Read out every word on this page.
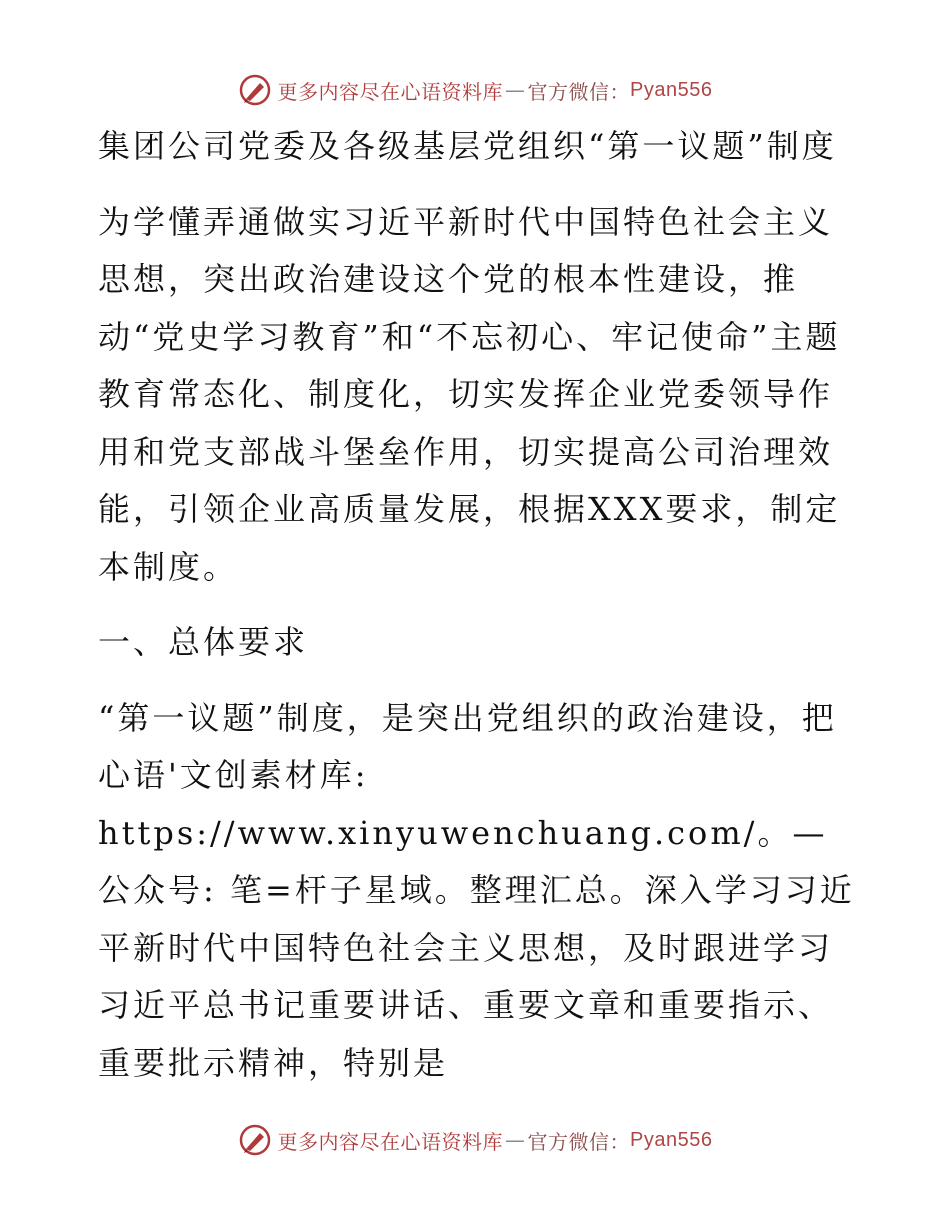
更多内容尽在心语资料库 — 官方微信： Pyan556

集团公司党委及各级基层党组织“第一议题”制度

为学懂弄通做实习近平新时代中国特色社会主义思想，突出政治建设这个党的根本性建设，推动“党史学习教育”和“不忘初心、牢记使命”主题教育常态化、制度化，切实发挥企业党委领导作用和党支部战斗堡垒作用，切实提高公司治理效能，引领企业高质量发展，根据XXX要求，制定本制度。

一、总体要求

“第一议题”制度，是突出党组织的政治建设，把心语'文创素材库: https://www.xinyuwenchuang.com/。—公众号: 笔=杆子星域。整理汇总。深入学习习近平新时代中国特色社会主义思想，及时跟进学习习近平总书记重要讲话、重要文章和重要指示、重要批示精神，特别是

更多内容尽在心语资料库 — 官方微信： Pyan556
